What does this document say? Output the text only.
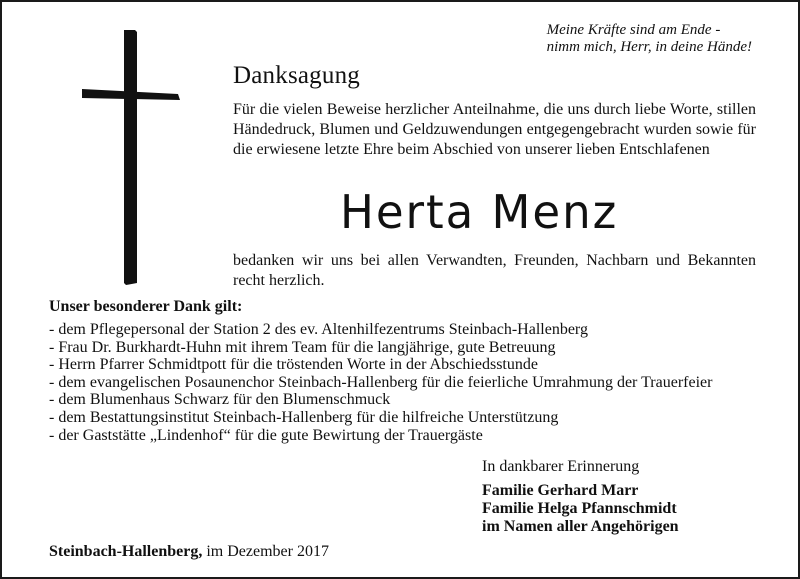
Meine Kräfte sind am Ende -
nimm mich, Herr, in deine Hände!
Danksagung
Für die vielen Beweise herzlicher Anteilnahme, die uns durch liebe Worte, stillen Händedruck, Blumen und Geldzuwendungen entgegengebracht wurden sowie für die erwiesene letzte Ehre beim Abschied von unserer lieben Entschlafenen
Herta Menz
bedanken wir uns bei allen Verwandten, Freunden, Nachbarn und Bekannten recht herzlich.
Unser besonderer Dank gilt:
- dem Pflegepersonal der Station 2 des ev. Altenhilfezentrums Steinbach-Hallenberg
- Frau Dr. Burkhardt-Huhn mit ihrem Team für die langjährige, gute Betreuung
- Herrn Pfarrer Schmidtpott für die tröstenden Worte in der Abschiedsstunde
- dem evangelischen Posaunenchor Steinbach-Hallenberg für die feierliche Umrahmung der Trauerfeier
- dem Blumenhaus Schwarz für den Blumenschmuck
- dem Bestattungsinstitut Steinbach-Hallenberg für die hilfreiche Unterstützung
- der Gaststätte „Lindenhof“ für die gute Bewirtung der Trauergäste
In dankbarer Erinnerung
Familie Gerhard Marr
Familie Helga Pfannschmidt
im Namen aller Angehörigen
Steinbach-Hallenberg, im Dezember 2017
